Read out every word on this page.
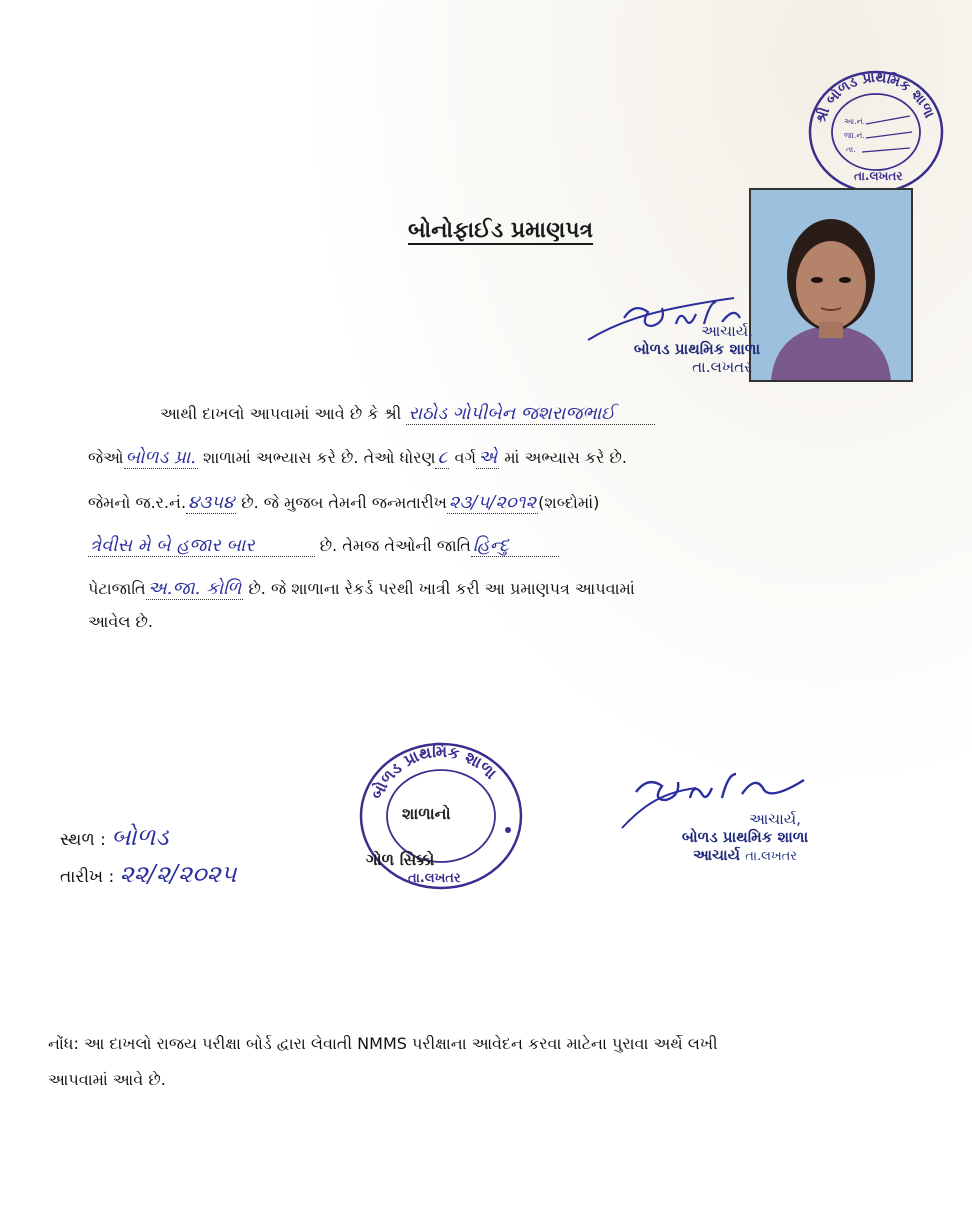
શ્રી બોળડ પ્રાથમિક શાળા
આ.નં.
જા.નં.
તા.
તા.લખતર
બોનોફાઈડ પ્રમાણપત્ર
આચાર્ય,
બોળડ પ્રાથમિક શાળા
તા.લખતર
આથી દાખલો આપવામાં આવે છે કે શ્રી રાઠોડ ગોપીબેન જશરાજભાઈ
જેઓ બોળડ પ્રા. શાળામાં અભ્યાસ કરે છે. તેઓ ધોરણ ૮ વર્ગ એ માં અભ્યાસ કરે છે.
જેમનો જ.ર.નં. ૪૩૫૪ છે. જે મુજબ તેમની જન્મતારીખ ૨૩/૫/૨૦૧૨ (શબ્દોમાં)
ત્રેવીસ મે બે હજાર બાર	છે. તેમજ તેઓની જાતિ હિન્દુ
પેટાજાતિ અ.જા. કોળિ છે. જે શાળાના રેકર્ડ પરથી ખાત્રી કરી આ પ્રમાણપત્ર આપવામાં
આવેલ છે.
સ્થળ : બોળડ
તારીખ : ૨૨/૨/૨૦૨૫
બોળડ પ્રાથમિક શાળા
તા.લખતર
શાળાનો
ગોળ સિક્કો
આચાર્ય,
બોળડ પ્રાથમિક શાળા
આચાર્ય તા.લખતર
નોંધ: આ દાખલો રાજય પરીક્ષા બોર્ડ દ્વારા લેવાતી NMMS પરીક્ષાના આવેદન કરવા માટેના પુરાવા અર્થે લખી
આપવામાં આવે છે.
